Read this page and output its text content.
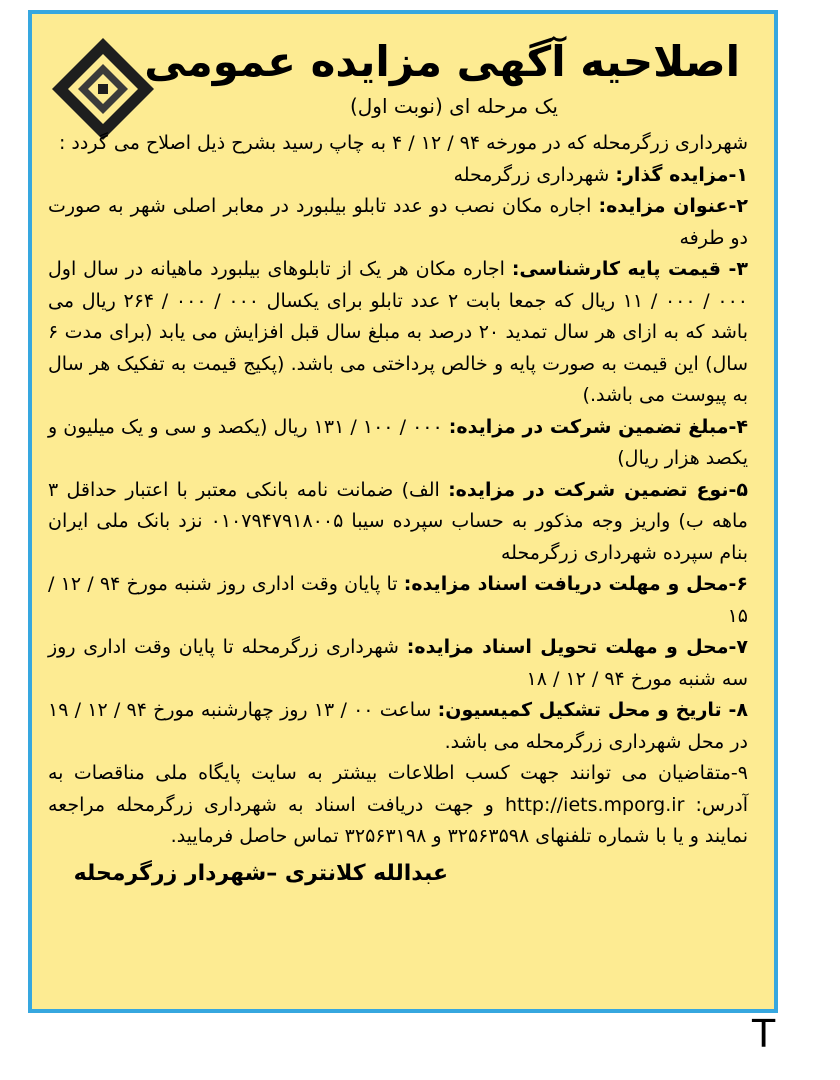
اصلاحیه آگهی مزایده عمومی
یک مرحله ای (نوبت اول)

شهرداری زرگرمحله که در مورخه ۹۴ / ۱۲ / ۴ به چاپ رسید بشرح ذیل اصلاح می گردد :

۱-مزایده گذار: شهرداری زرگرمحله

۲-عنوان مزایده: اجاره مکان نصب دو عدد تابلو بیلبورد در معابر اصلی شهر به صورت دو طرفه

۳- قیمت پایه کارشناسی: اجاره مکان هر یک از تابلوهای بیلبورد ماهیانه در سال اول ۰۰۰ / ۰۰۰ / ۱۱ ریال که جمعا بابت ۲ عدد تابلو برای یکسال ۰۰۰ / ۰۰۰ / ۲۶۴ ریال می باشد که به ازای هر سال تمدید ۲۰ درصد به مبلغ سال قبل افزایش می یابد (برای مدت ۶ سال) این قیمت به صورت پایه و خالص پرداختی می باشد. (پکیج قیمت به تفکیک هر سال به پیوست می باشد.)

۴-مبلغ تضمین شرکت در مزایده: ۰۰۰ / ۱۰۰ / ۱۳۱ ریال (یکصد و سی و یک میلیون و یکصد هزار ریال)

۵-نوع تضمین شرکت در مزایده: الف) ضمانت نامه بانکی معتبر با اعتبار حداقل ۳ ماهه ب) واریز وجه مذکور به حساب سپرده سیبا ۰۱۰۷۹۴۷۹۱۸۰۰۵ نزد بانک ملی ایران بنام سپرده شهرداری زرگرمحله

۶-محل و مهلت دریافت اسناد مزایده: تا پایان وقت اداری روز شنبه مورخ ۹۴ / ۱۲ / ۱۵

۷-محل و مهلت تحویل اسناد مزایده: شهرداری زرگرمحله تا پایان وقت اداری روز سه شنبه مورخ ۹۴ / ۱۲ / ۱۸

۸- تاریخ و محل تشکیل کمیسیون: ساعت ۰۰ / ۱۳ روز چهارشنبه مورخ ۹۴ / ۱۲ / ۱۹ در محل شهرداری زرگرمحله می باشد.

۹-متقاضیان می توانند جهت کسب اطلاعات بیشتر به سایت پایگاه ملی مناقصات به آدرس: http://iets.mporg.ir و جهت دریافت اسناد به شهرداری زرگرمحله مراجعه نمایند و یا با شماره تلفنهای ۳۲۵۶۳۵۹۸ و ۳۲۵۶۳۱۹۸ تماس حاصل فرمایید.

عبدالله کلانتری –شهردار زرگرمحله
T
